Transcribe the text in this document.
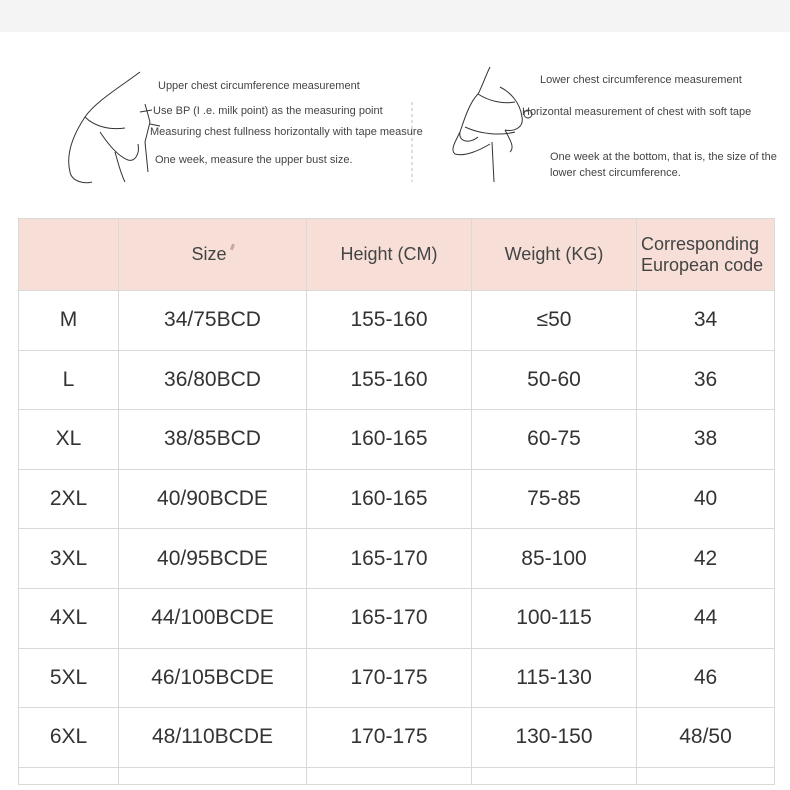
Upper chest circumference measurement
Use BP (I .e. milk point) as the measuring point
Measuring chest fullness horizontally with tape measure
One week, measure the upper bust size.
Lower chest circumference measurement
Horizontal measurement of chest with soft tape
One week at the bottom, that is, the size of the lower chest circumference.
	Size	Height (CM)	Weight (KG)	Corresponding
European code
M	34/75BCD	155-160	≤50	34
L	36/80BCD	155-160	50-60	36
XL	38/85BCD	160-165	60-75	38
2XL	40/90BCDE	160-165	75-85	40
3XL	40/95BCDE	165-170	85-100	42
4XL	44/100BCDE	165-170	100-115	44
5XL	46/105BCDE	170-175	115-130	46
6XL	48/110BCDE	170-175	130-150	48/50
